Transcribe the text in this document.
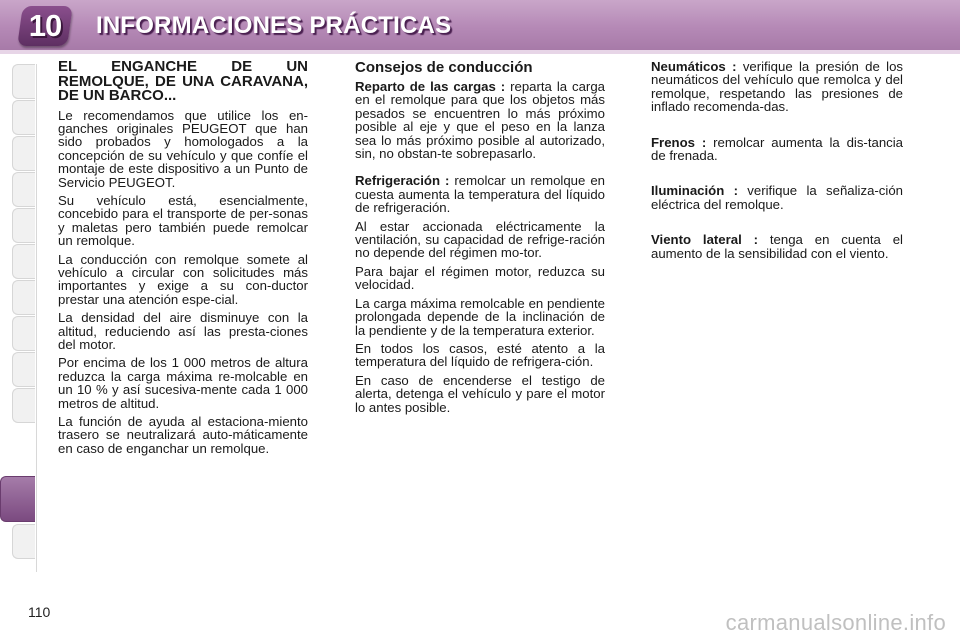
10	INFORMACIONES PRÁCTICAS

EL ENGANCHE DE UN REMOLQUE, DE UNA CARAVANA, DE UN BARCO...

Le recomendamos que utilice los en-ganches originales PEUGEOT que han sido probados y homologados a la concepción de su vehículo y que confíe el montaje de este dispositivo a un Punto de Servicio PEUGEOT.

Su vehículo está, esencialmente, concebido para el transporte de per-sonas y maletas pero también puede remolcar un remolque.

La conducción con remolque somete al vehículo a circular con solicitudes más importantes y exige a su con-ductor prestar una atención espe-cial.

La densidad del aire disminuye con la altitud, reduciendo así las presta-ciones del motor.

Por encima de los 1 000 metros de altura reduzca la carga máxima re-molcable en un 10 % y así sucesiva-mente cada 1 000 metros de altitud.

La función de ayuda al estaciona-miento trasero se neutralizará auto-máticamente en caso de enganchar un remolque.

Consejos de conducción

Reparto de las cargas : reparta la carga en el remolque para que los objetos más pesados se encuentren lo más próximo posible al eje y que el peso en la lanza sea lo más próximo posible al autorizado, sin, no obstan-te sobrepasarlo.

Refrigeración : remolcar un remolque en cuesta aumenta la temperatura del líquido de refrigeración.

Al estar accionada eléctricamente la ventilación, su capacidad de refrige-ración no depende del régimen mo-tor.

Para bajar el régimen motor, reduzca su velocidad.

La carga máxima remolcable en pendiente prolongada depende de la inclinación de la pendiente y de la temperatura exterior.

En todos los casos, esté atento a la temperatura del líquido de refrigera-ción.

En caso de encenderse el testigo de alerta, detenga el vehículo y pare el motor lo antes posible.

Neumáticos : verifique la presión de los neumáticos del vehículo que remolca y del remolque, respetando las presiones de inflado recomenda-das.

Frenos : remolcar aumenta la dis-tancia de frenada.

Iluminación : verifique la señaliza-ción eléctrica del remolque.

Viento lateral : tenga en cuenta el aumento de la sensibilidad con el viento.

110	carmanualsonline.info
